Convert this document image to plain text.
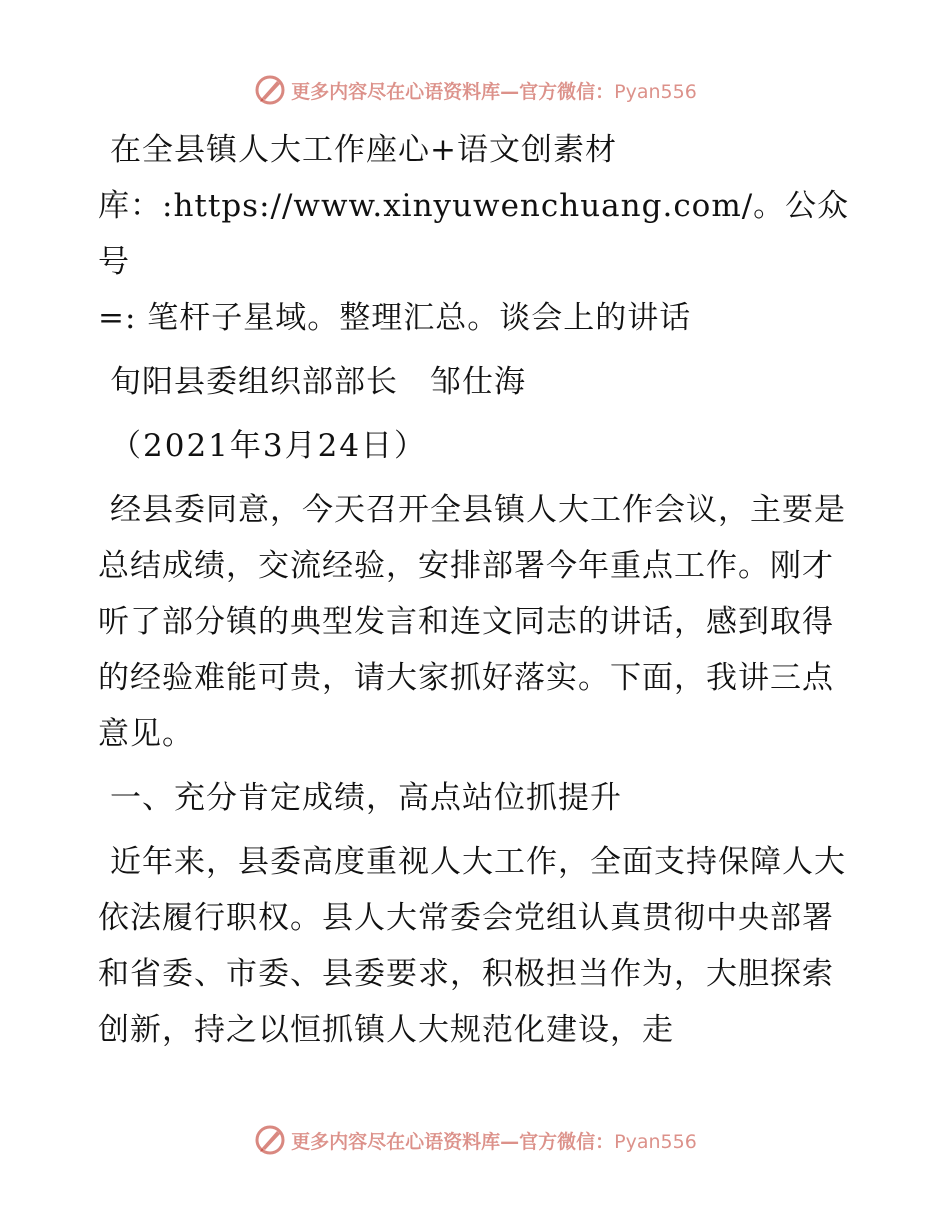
更多内容尽在心语资料库—官方微信：Pyan556

在全县镇人大工作座心+语文创素材

库：:https://www.xinyuwenchuang.com/。公众号

=: 笔杆子星域。整理汇总。谈会上的讲话

旬阳县委组织部部长　邹仕海

（2021年3月24日）

经县委同意，今天召开全县镇人大工作会议，主要是总结成绩，交流经验，安排部署今年重点工作。刚才听了部分镇的典型发言和连文同志的讲话，感到取得的经验难能可贵，请大家抓好落实。下面，我讲三点意见。

一、充分肯定成绩，高点站位抓提升

近年来，县委高度重视人大工作，全面支持保障人大依法履行职权。县人大常委会党组认真贯彻中央部署和省委、市委、县委要求，积极担当作为，大胆探索创新，持之以恒抓镇人大规范化建设，走

更多内容尽在心语资料库—官方微信：Pyan556
